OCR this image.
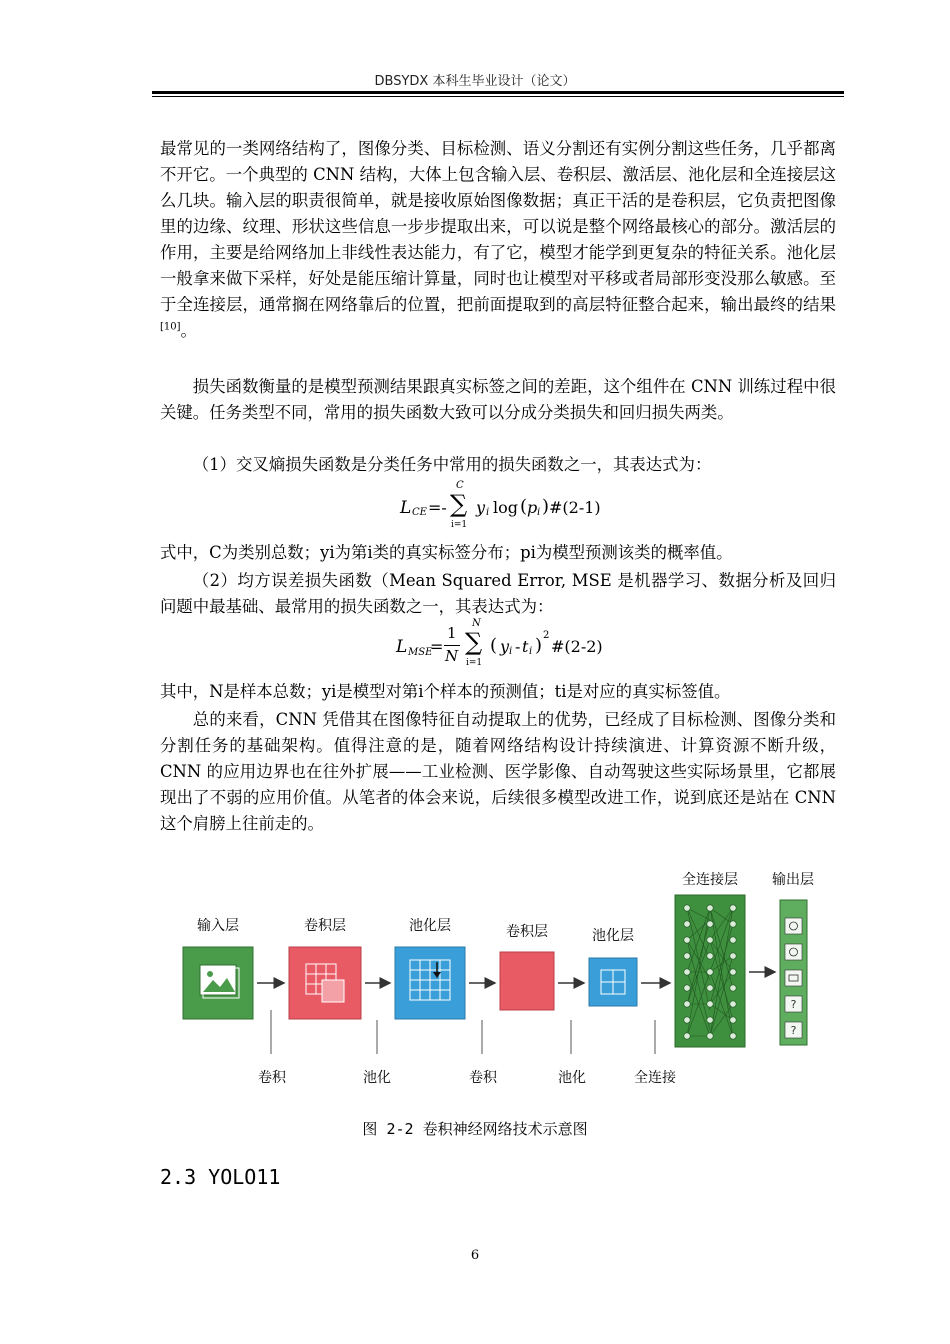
DBSYDX 本科生毕业设计（论文）

最常见的一类网络结构了，图像分类、目标检测、语义分割还有实例分割这些任务，几乎都离不开它。一个典型的 CNN 结构，大体上包含输入层、卷积层、激活层、池化层和全连接层这么几块。输入层的职责很简单，就是接收原始图像数据；真正干活的是卷积层，它负责把图像里的边缘、纹理、形状这些信息一步步提取出来，可以说是整个网络最核心的部分。激活层的作用，主要是给网络加上非线性表达能力，有了它，模型才能学到更复杂的特征关系。池化层一般拿来做下采样，好处是能压缩计算量，同时也让模型对平移或者局部形变没那么敏感。至于全连接层，通常搁在网络靠后的位置，把前面提取到的高层特征整合起来，输出最终的结果[10]。

损失函数衡量的是模型预测结果跟真实标签之间的差距，这个组件在 CNN 训练过程中很关键。任务类型不同，常用的损失函数大致可以分成分类损失和回归损失两类。

（1）交叉熵损失函数是分类任务中常用的损失函数之一，其表达式为：

L CE =-
C
∑
i=1
y i log ( p i ) #(2-1)

式中，C为类别总数；yi为第i类的真实标签分布；pi为模型预测该类的概率值。

（2）均方误差损失函数（Mean Squared Error, MSE 是机器学习、数据分析及回归问题中最基础、最常用的损失函数之一，其表达式为：

L MSE
=
1
N
N
∑
i=1
( y i - t i ) 2
#(2-2)

其中，N是样本总数；yi是模型对第i个样本的预测值；ti是对应的真实标签值。

总的来看，CNN 凭借其在图像特征自动提取上的优势，已经成了目标检测、图像分类和分割任务的基础架构。值得注意的是，随着网络结构设计持续演进、计算资源不断升级，CNN 的应用边界也在往外扩展——工业检测、医学影像、自动驾驶这些实际场景里，它都展现出了不弱的应用价值。从笔者的体会来说，后续很多模型改进工作，说到底还是站在 CNN 这个肩膀上往前走的。

输入层	卷积层	池化层	卷积层	池化层
全连接层 输出层
?
?
卷积	池化	卷积	池化	全连接
图 2-2 卷积神经网络技术示意图
2.3 YOLO11
6
